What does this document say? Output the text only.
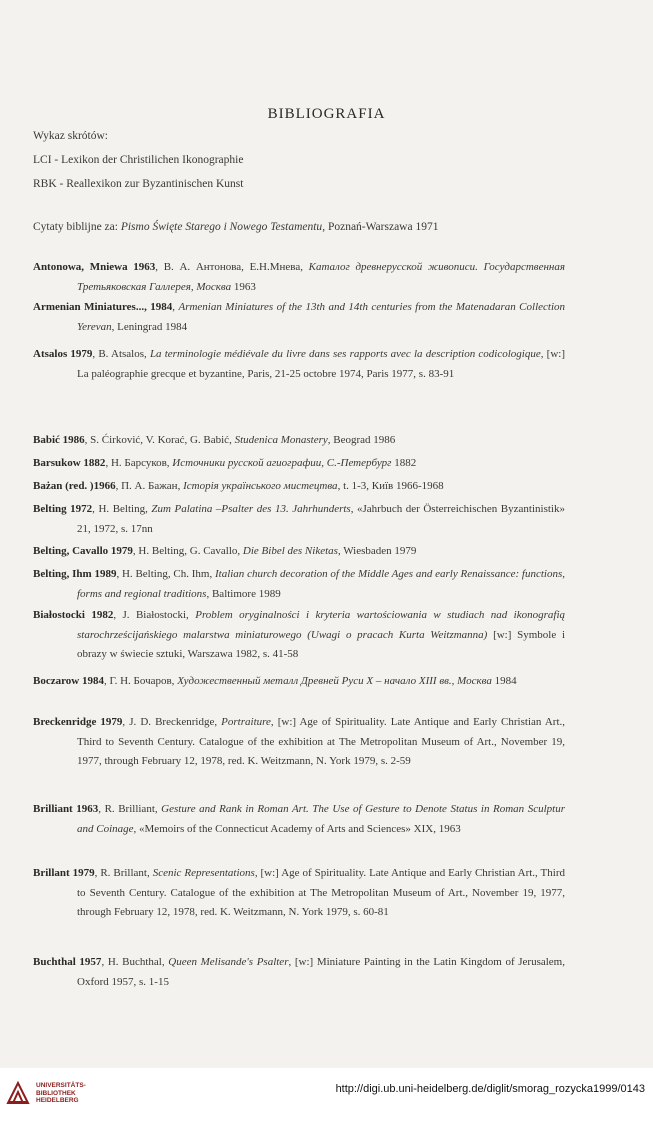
BIBLIOGRAFIA
Wykaz skrótów:
LCI - Lexikon der Christilichen Ikonographie
RBK - Reallexikon zur Byzantinischen Kunst
Cytaty biblijne za: Pismo Święte Starego i Nowego Testamentu, Poznań-Warszawa 1971
Antonowa, Mniewa 1963, В. А. Антонова, Е.Н.Мнева, Каталог древнерусской живописи. Государственная Третьяковская Галлерея, Москва 1963
Armenian Miniatures..., 1984, Armenian Miniatures of the 13th and 14th centuries from the Matenadaran Collection Yerevan, Leningrad 1984
Atsalos 1979, B. Atsalos, La terminologie médiévale du livre dans ses rapports avec la description codicologique, [w:] La paléographie grecque et byzantine, Paris, 21-25 octobre 1974, Paris 1977, s. 83-91
Babić 1986, S. Ćirković, V. Korać, G. Babić, Studenica Monastery, Beograd 1986
Barsukow 1882, Н. Барсуков, Источники русской агиографии, С.-Петербург 1882
Bażan (red. )1966, П. А. Бажан, Історія українського мистецтва, t. 1-3, Київ 1966-1968
Belting 1972, H. Belting, Zum Palatina –Psalter des 13. Jahrhunderts, «Jahrbuch der Österreichischen Byzantinistik» 21, 1972, s. 17nn
Belting, Cavallo 1979, H. Belting, G. Cavallo, Die Bibel des Niketas, Wiesbaden 1979
Belting, Ihm 1989, H. Belting, Ch. Ihm, Italian church decoration of the Middle Ages and early Renaissance: functions, forms and regional traditions, Baltimore 1989
Białostocki 1982, J. Białostocki, Problem oryginalności i kryteria wartościowania w studiach nad ikonografią starochrześcijańskiego malarstwa miniaturowego (Uwagi o pracach Kurta Weitzmanna) [w:] Symbole i obrazy w świecie sztuki, Warszawa 1982, s. 41-58
Boczarow 1984, Г. Н. Бочаров, Художественный металл Древней Руси X – начало XIII вв., Москва 1984
Breckenridge 1979, J. D. Breckenridge, Portraiture, [w:] Age of Spirituality. Late Antique and Early Christian Art., Third to Seventh Century. Catalogue of the exhibition at The Metropolitan Museum of Art., November 19, 1977, through February 12, 1978, red. K. Weitzmann, N. York 1979, s. 2-59
Brilliant 1963, R. Brilliant, Gesture and Rank in Roman Art. The Use of Gesture to Denote Status in Roman Sculptur and Coinage, «Memoirs of the Connecticut Academy of Arts and Sciences» XIX, 1963
Brillant 1979, R. Brillant, Scenic Representations, [w:] Age of Spirituality. Late Antique and Early Christian Art., Third to Seventh Century. Catalogue of the exhibition at The Metropolitan Museum of Art., November 19, 1977, through February 12, 1978, red. K. Weitzmann, N. York 1979, s. 60-81
Buchthal 1957, H. Buchthal, Queen Melisande's Psalter, [w:] Miniature Painting in the Latin Kingdom of Jerusalem, Oxford 1957, s. 1-15
UNIVERSITÄTS-
BIBLIOTHEK
HEIDELBERG
http://digi.ub.uni-heidelberg.de/diglit/smorag_rozycka1999/0143
